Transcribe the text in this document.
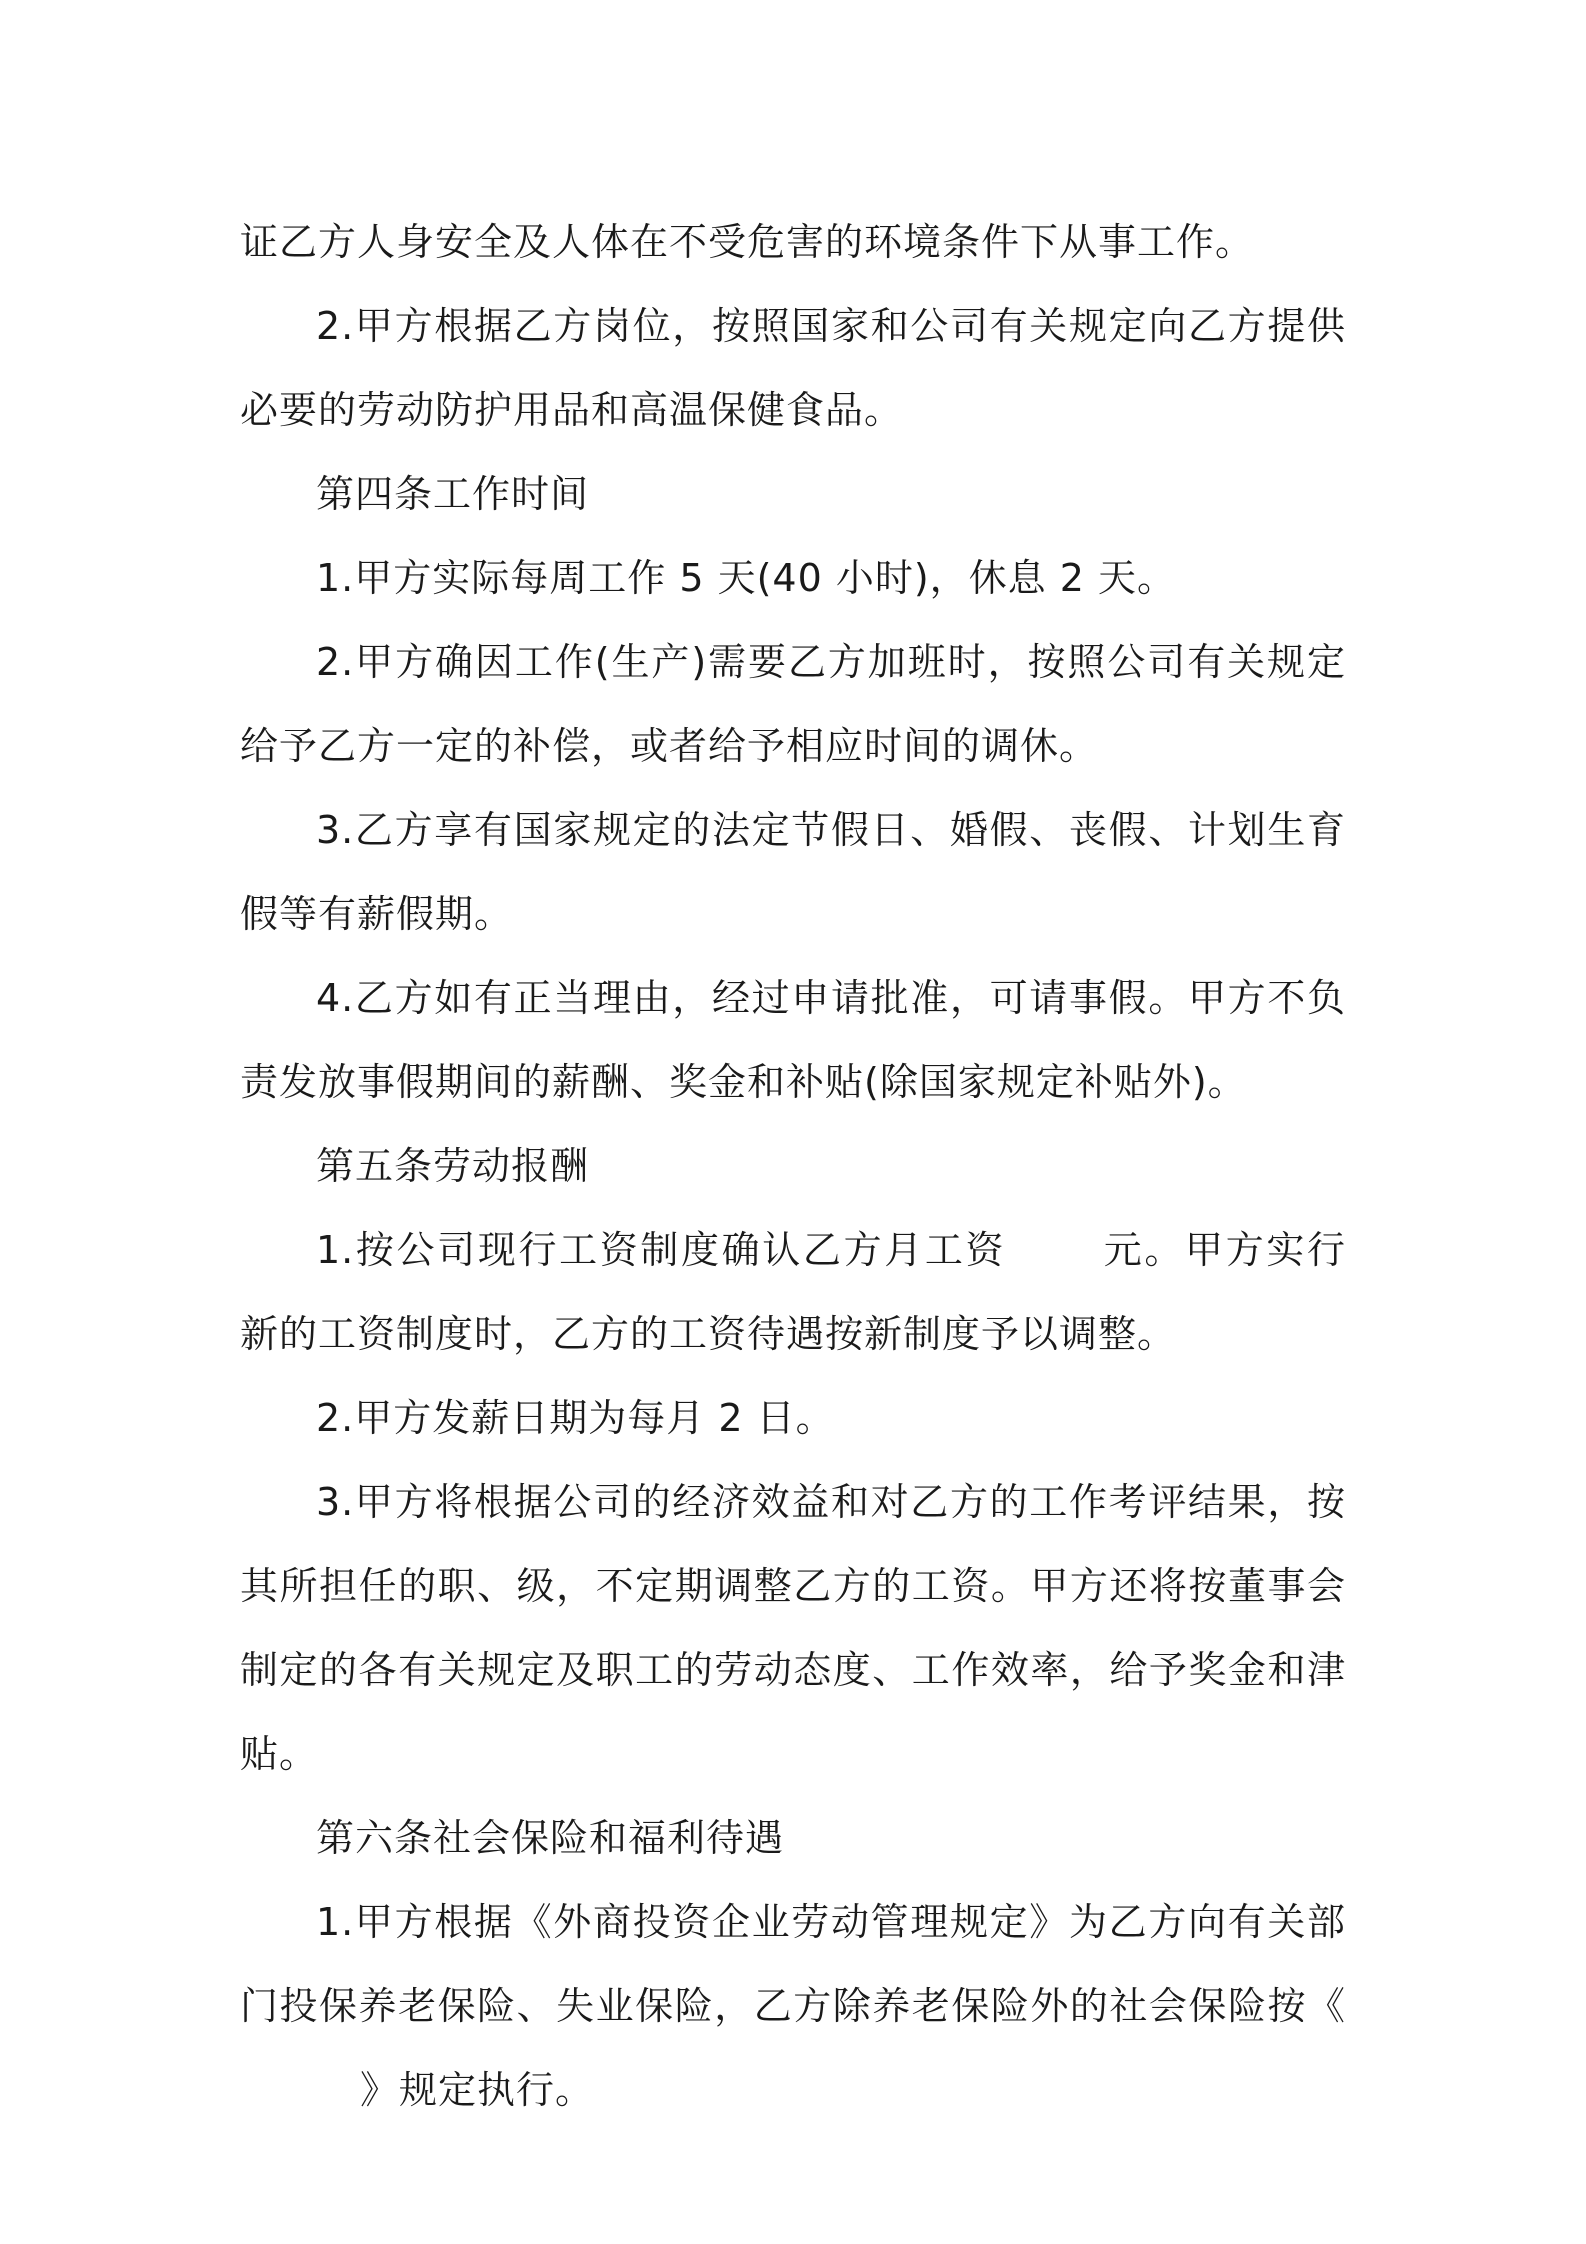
证乙方人身安全及人体在不受危害的环境条件下从事工作。

2.甲方根据乙方岗位，按照国家和公司有关规定向乙方提供必要的劳动防护用品和高温保健食品。

第四条工作时间

1.甲方实际每周工作 5 天(40 小时)，休息 2 天。

2.甲方确因工作(生产)需要乙方加班时，按照公司有关规定给予乙方一定的补偿，或者给予相应时间的调休。

3.乙方享有国家规定的法定节假日、婚假、丧假、计划生育假等有薪假期。

4.乙方如有正当理由，经过申请批准，可请事假。甲方不负责发放事假期间的薪酬、奖金和补贴(除国家规定补贴外)。

第五条劳动报酬

1.按公司现行工资制度确认乙方月工资	元。甲方实行新的工资制度时，乙方的工资待遇按新制度予以调整。

2.甲方发薪日期为每月 2 日。

3.甲方将根据公司的经济效益和对乙方的工作考评结果，按其所担任的职、级，不定期调整乙方的工资。甲方还将按董事会制定的各有关规定及职工的劳动态度、工作效率，给予奖金和津贴。

第六条社会保险和福利待遇

1.甲方根据《外商投资企业劳动管理规定》为乙方向有关部门投保养老保险、失业保险，乙方除养老保险外的社会保险按《》规定执行。
